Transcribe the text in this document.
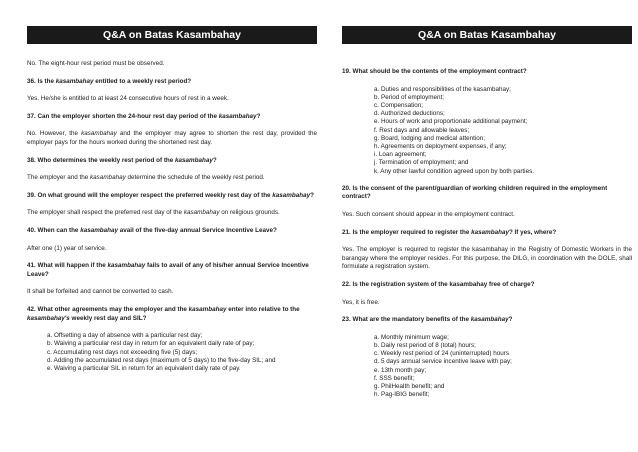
Q&A on Batas Kasambahay

No. The eight-hour rest period must be observed.

36. Is the kasambahay entitled to a weekly rest period?

Yes. He/she is entitled to at least 24 consecutive hours of rest in a week.

37. Can the employer shorten the 24-hour rest day period of the kasambahay?

No. However, the kasambahay and the employer may agree to shorten the rest day, provided the employer pays for the hours worked during the shortened rest day.

38. Who determines the weekly rest period of the kasambahay?

The employer and the kasambahay determine the schedule of the weekly rest period.

39. On what ground will the employer respect the preferred weekly rest day of the kasambahay?

The employer shall respect the preferred rest day of the kasambahay on religious grounds.

40. When can the kasambahay avail of the five-day annual Service Incentive Leave?

After one (1) year of service.

41. What will happen if the kasambahay fails to avail of any of his/her annual Service Incentive Leave?

It shall be forfeited and cannot be converted to cash.

42. What other agreements may the employer and the kasambahay enter into relative to the kasambahay's weekly rest day and SIL?

a. Offsetting a day of absence with a particular rest day;
b. Waiving a particular rest day in return for an equivalent daily rate of pay;
c. Accumulating rest days not exceeding five (5) days;
d. Adding the accumulated rest days (maximum of 5 days) to the five-day SIL; and
e. Waiving a particular SIL in return for an equivalent daily rate of pay.
Q&A on Batas Kasambahay

19. What should be the contents of the employment contract?

a. Duties and responsibilities of the kasambahay;
b. Period of employment;
c. Compensation;
d. Authorized deductions;
e. Hours of work and proportionate additional payment;
f. Rest days and allowable leaves;
g. Board, lodging and medical attention;
h. Agreements on deployment expenses, if any;
i. Loan agreement;
j. Termination of employment; and
k. Any other lawful condition agreed upon by both parties.

20. Is the consent of the parent/guardian of working children required in the employment contract?

Yes. Such consent should appear in the employment contract.

21. Is the employer required to register the kasambahay? If yes, where?

Yes. The employer is required to register the kasambahay in the Registry of Domestic Workers in the barangay where the employer resides. For this purpose, the DILG, in coordination with the DOLE, shall formulate a registration system.

22. Is the registration system of the kasambahay free of charge?

Yes, it is free.

23. What are the mandatory benefits of the kasambahay?

a. Monthly minimum wage;
b. Daily rest period of 8 (total) hours;
c. Weekly rest period of 24 (uninterrupted) hours
d. 5 days annual service incentive leave with pay;
e. 13th month pay;
f. SSS benefit;
g. PhilHealth benefit; and
h. Pag-IBIG benefit;
